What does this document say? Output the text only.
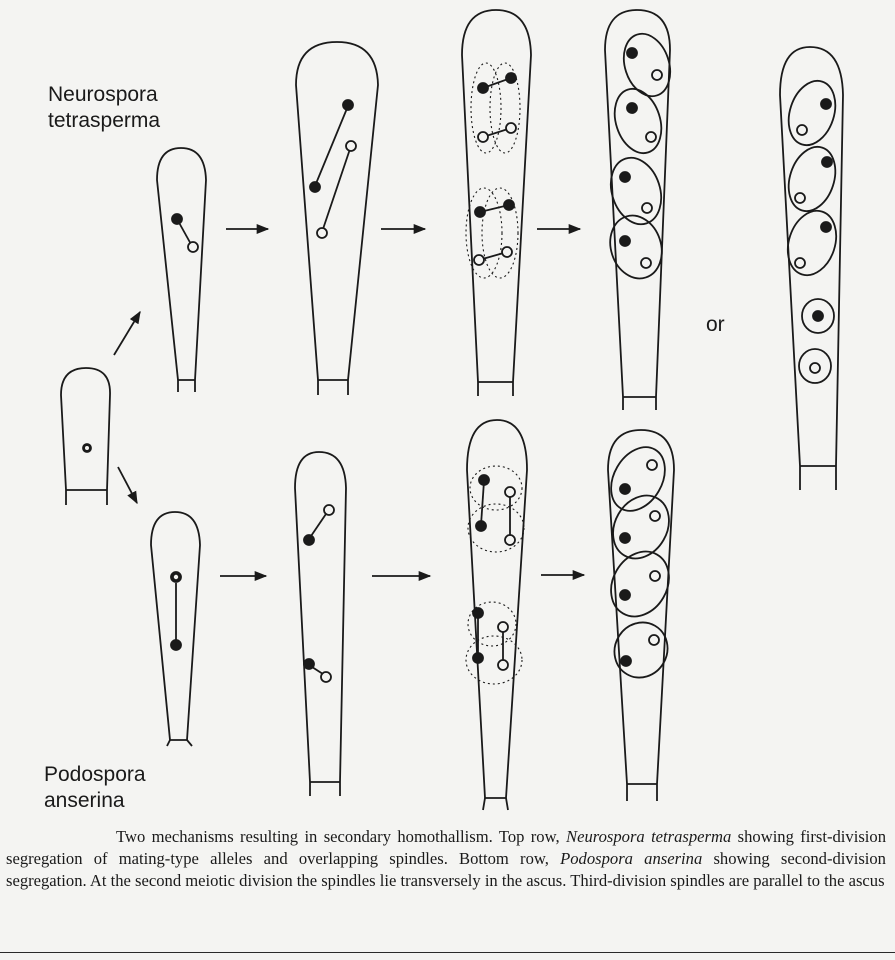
Neurospora
tetrasperma
or
Podospora
anserina
Two mechanisms resulting in secondary homothallism. Top row, Neurospora tetrasperma showing first-division segregation of mating-type alleles and overlapping spindles. Bottom row, Podospora anserina showing second-division segregation. At the second meiotic division the spindles lie transversely in the ascus. Third-division spindles are parallel to the ascus
